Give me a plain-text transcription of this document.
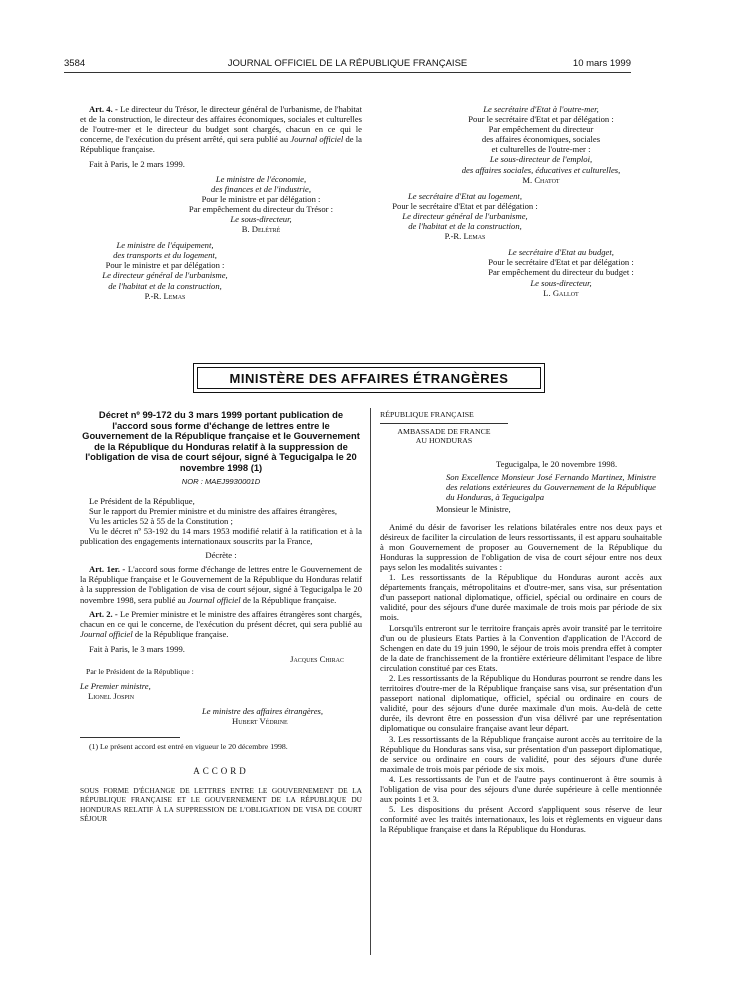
3584	JOURNAL OFFICIEL DE LA RÉPUBLIQUE FRANÇAISE	10 mars 1999
Art. 4. - Le directeur du Trésor, le directeur général de l'urbanisme, de l'habitat et de la construction, le directeur des affaires économiques, sociales et culturelles de l'outre-mer et le directeur du budget sont chargés, chacun en ce qui le concerne, de l'exécution du présent arrêté, qui sera publié au Journal officiel de la République française.
Fait à Paris, le 2 mars 1999.
Le ministre de l'économie,
des finances et de l'industrie,
Pour le ministre et par délégation :
Par empêchement du directeur du Trésor :
Le sous-directeur,
B. Delétré
Le ministre de l'équipement,
des transports et du logement,
Pour le ministre et par délégation :
Le directeur général de l'urbanisme,
de l'habitat et de la construction,
P.-R. Lemas
Le secrétaire d'Etat à l'outre-mer,
Pour le secrétaire d'Etat et par délégation :
Par empêchement du directeur
des affaires économiques, sociales
et culturelles de l'outre-mer :
Le sous-directeur de l'emploi,
des affaires sociales, éducatives et culturelles,
M. Chatot
Le secrétaire d'Etat au logement,
Pour le secrétaire d'Etat et par délégation :
Le directeur général de l'urbanisme,
de l'habitat et de la construction,
P.-R. Lemas
Le secrétaire d'Etat au budget,
Pour le secrétaire d'Etat et par délégation :
Par empêchement du directeur du budget :
Le sous-directeur,
L. Gallot
MINISTÈRE DES AFFAIRES ÉTRANGÈRES
Décret nº 99-172 du 3 mars 1999 portant publication de l'accord sous forme d'échange de lettres entre le Gouvernement de la République française et le Gouvernement de la République du Honduras relatif à la suppression de l'obligation de visa de court séjour, signé à Tegucigalpa le 20 novembre 1998 (1)
NOR : MAEJ9930001D
Le Président de la République,
Sur le rapport du Premier ministre et du ministre des affaires étrangères,
Vu les articles 52 à 55 de la Constitution ;
Vu le décret nº 53-192 du 14 mars 1953 modifié relatif à la ratification et à la publication des engagements internationaux souscrits par la France,
Décrète :
Art. 1er. - L'accord sous forme d'échange de lettres entre le Gouvernement de la République française et le Gouvernement de la République du Honduras relatif à la suppression de l'obligation de visa de court séjour, signé à Tegucigalpa le 20 novembre 1998, sera publié au Journal officiel de la République française.
Art. 2. - Le Premier ministre et le ministre des affaires étrangères sont chargés, chacun en ce qui le concerne, de l'exécution du présent décret, qui sera publié au Journal officiel de la République française.
Fait à Paris, le 3 mars 1999.
Jacques Chirac
Par le Président de la République :
Le Premier ministre,
Lionel Jospin
Le ministre des affaires étrangères,
Hubert Védrine
(1) Le présent accord est entré en vigueur le 20 décembre 1998.
ACCORD
SOUS FORME D'ÉCHANGE DE LETTRES ENTRE LE GOUVERNEMENT DE LA RÉPUBLIQUE FRANÇAISE ET LE GOUVERNEMENT DE LA RÉPUBLIQUE DU HONDURAS RELATIF À LA SUPPRESSION DE L'OBLIGATION DE VISA DE COURT SÉJOUR
RÉPUBLIQUE FRANÇAISE
AMBASSADE DE FRANCE
AU HONDURAS
Tegucigalpa, le 20 novembre 1998.
Son Excellence Monsieur José Fernando Martinez, Ministre des relations extérieures du Gouvernement de la République du Honduras, à Tegucigalpa
Monsieur le Ministre,
Animé du désir de favoriser les relations bilatérales entre nos deux pays et désireux de faciliter la circulation de leurs ressortissants, il est apparu souhaitable à mon Gouvernement de proposer au Gouvernement de la République du Honduras la suppression de l'obligation de visa de court séjour entre nos deux pays selon les modalités suivantes :
1. Les ressortissants de la République du Honduras auront accès aux départements français, métropolitains et d'outre-mer, sans visa, sur présentation d'un passeport national diplomatique, officiel, spécial ou ordinaire en cours de validité, pour des séjours d'une durée maximale de trois mois par période de six mois.
Lorsqu'ils entreront sur le territoire français après avoir transité par le territoire d'un ou de plusieurs Etats Parties à la Convention d'application de l'Accord de Schengen en date du 19 juin 1990, le séjour de trois mois prendra effet à compter de la date de franchissement de la frontière extérieure délimitant l'espace de libre circulation constitué par ces Etats.
2. Les ressortissants de la République du Honduras pourront se rendre dans les territoires d'outre-mer de la République française sans visa, sur présentation d'un passeport national diplomatique, officiel, spécial ou ordinaire en cours de validité, pour des séjours d'une durée maximale d'un mois. Au-delà de cette durée, ils devront être en possession d'un visa délivré par une représentation diplomatique ou consulaire française avant leur départ.
3. Les ressortissants de la République française auront accès au territoire de la République du Honduras sans visa, sur présentation d'un passeport diplomatique, de service ou ordinaire en cours de validité, pour des séjours d'une durée maximale de trois mois par période de six mois.
4. Les ressortissants de l'un et de l'autre pays continueront à être soumis à l'obligation de visa pour des séjours d'une durée supérieure à celle mentionnée aux points 1 et 3.
5. Les dispositions du présent Accord s'appliquent sous réserve de leur conformité avec les traités internationaux, les lois et règlements en vigueur dans la République française et dans la République du Honduras.
